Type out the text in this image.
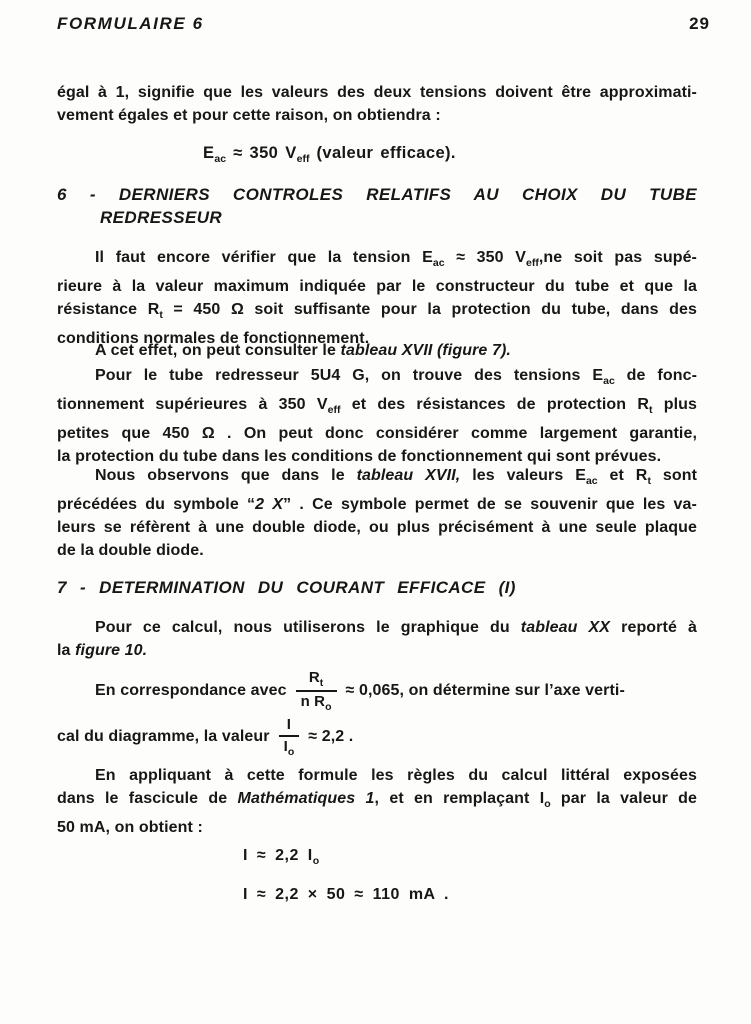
FORMULAIRE 6	29
égal à 1, signifie que les valeurs des deux tensions doivent être approximati-
vement égales et pour cette raison, on obtiendra :
$E_{ac} \approx 350$ $V_{eff}$ (valeur efficace).
6 - DERNIERS CONTROLES RELATIFS AU CHOIX DU TUBE
REDRESSEUR
Il faut encore vérifier que la tension $E_{ac} \approx 350$ $V_{eff},ne$ soit pas supé-
rieure à la valeur maximum indiquée par le constructeur du tube et que la
résistance $R_t = 450$ Ω soit suffisante pour la protection du tube, dans des
conditions normales de fonctionnement.
A cet effet, on peut consulter le tableau XVII (figure 7).
Pour le tube redresseur 5U4 G, on trouve des tensions $E_{ac}$ de fonc-
tionnement supérieures à 350 $V_{eff}$ et des résistances de protection $R_t$ plus
petites que 450 Ω . On peut donc considérer comme largement garantie,
la protection du tube dans les conditions de fonctionnement qui sont prévues.
Nous observons que dans le tableau XVII, les valeurs $E_{ac}$ et $R_t$ sont
précédées du symbole “2 X” . Ce symbole permet de se souvenir que les va-
leurs se réfèrent à une double diode, ou plus précisément à une seule plaque
de la double diode.
7 - DETERMINATION DU COURANT EFFICACE (I)
Pour ce calcul, nous utiliserons le graphique du tableau XX reporté à
la figure 10.
En correspondance avec $\frac{R_t}{n R_o} \approx 0,065$, on détermine sur l’axe verti-
cal du diagramme, la valeur $\frac{I}{I_o} \approx 2,2$ .
En appliquant à cette formule les règles du calcul littéral exposées
dans le fascicule de Mathématiques 1, et en remplaçant $I_o$ par la valeur de
50 mA, on obtient :
I ≈ 2,2 $I_o$
I ≈ 2,2 × 50 ≈ 110 mA .
